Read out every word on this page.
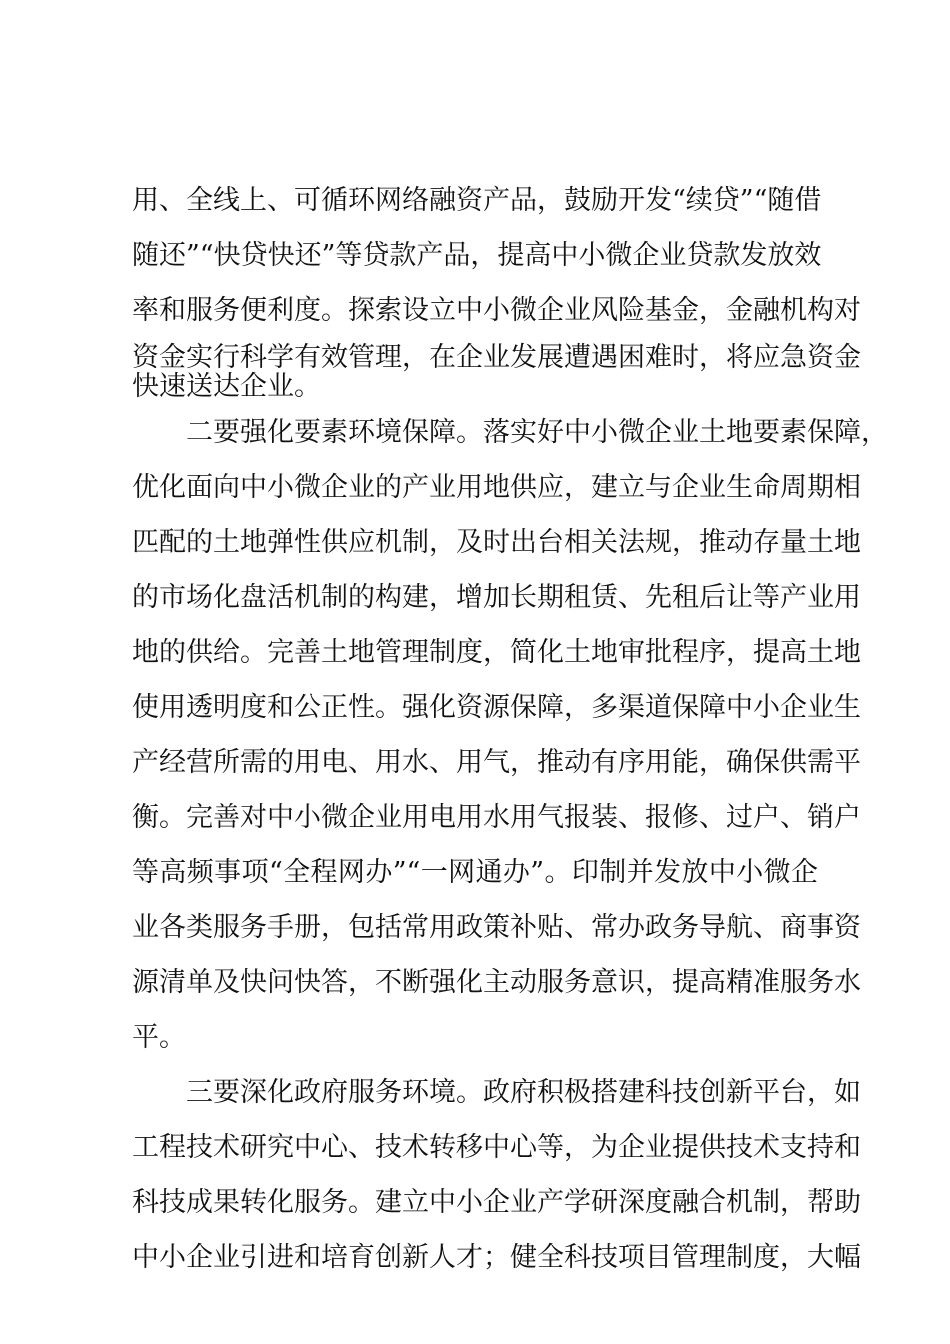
用、全线上、可循环网络融资产品，鼓励开发“续贷”“随借
随还”“快贷快还”等贷款产品，提高中小微企业贷款发放效
率和服务便利度。探索设立中小微企业风险基金，金融机构对
资金实行科学有效管理，在企业发展遭遇困难时，将应急资金
快速送达企业。
二要强化要素环境保障。落实好中小微企业土地要素保障，
优化面向中小微企业的产业用地供应，建立与企业生命周期相
匹配的土地弹性供应机制，及时出台相关法规，推动存量土地
的市场化盘活机制的构建，增加长期租赁、先租后让等产业用
地的供给。完善土地管理制度，简化土地审批程序，提高土地
使用透明度和公正性。强化资源保障，多渠道保障中小企业生
产经营所需的用电、用水、用气，推动有序用能，确保供需平
衡。完善对中小微企业用电用水用气报装、报修、过户、销户
等高频事项“全程网办”“一网通办”。印制并发放中小微企
业各类服务手册，包括常用政策补贴、常办政务导航、商事资
源清单及快问快答，不断强化主动服务意识，提高精准服务水
平。
三要深化政府服务环境。政府积极搭建科技创新平台，如
工程技术研究中心、技术转移中心等，为企业提供技术支持和
科技成果转化服务。建立中小企业产学研深度融合机制，帮助
中小企业引进和培育创新人才；健全科技项目管理制度，大幅
